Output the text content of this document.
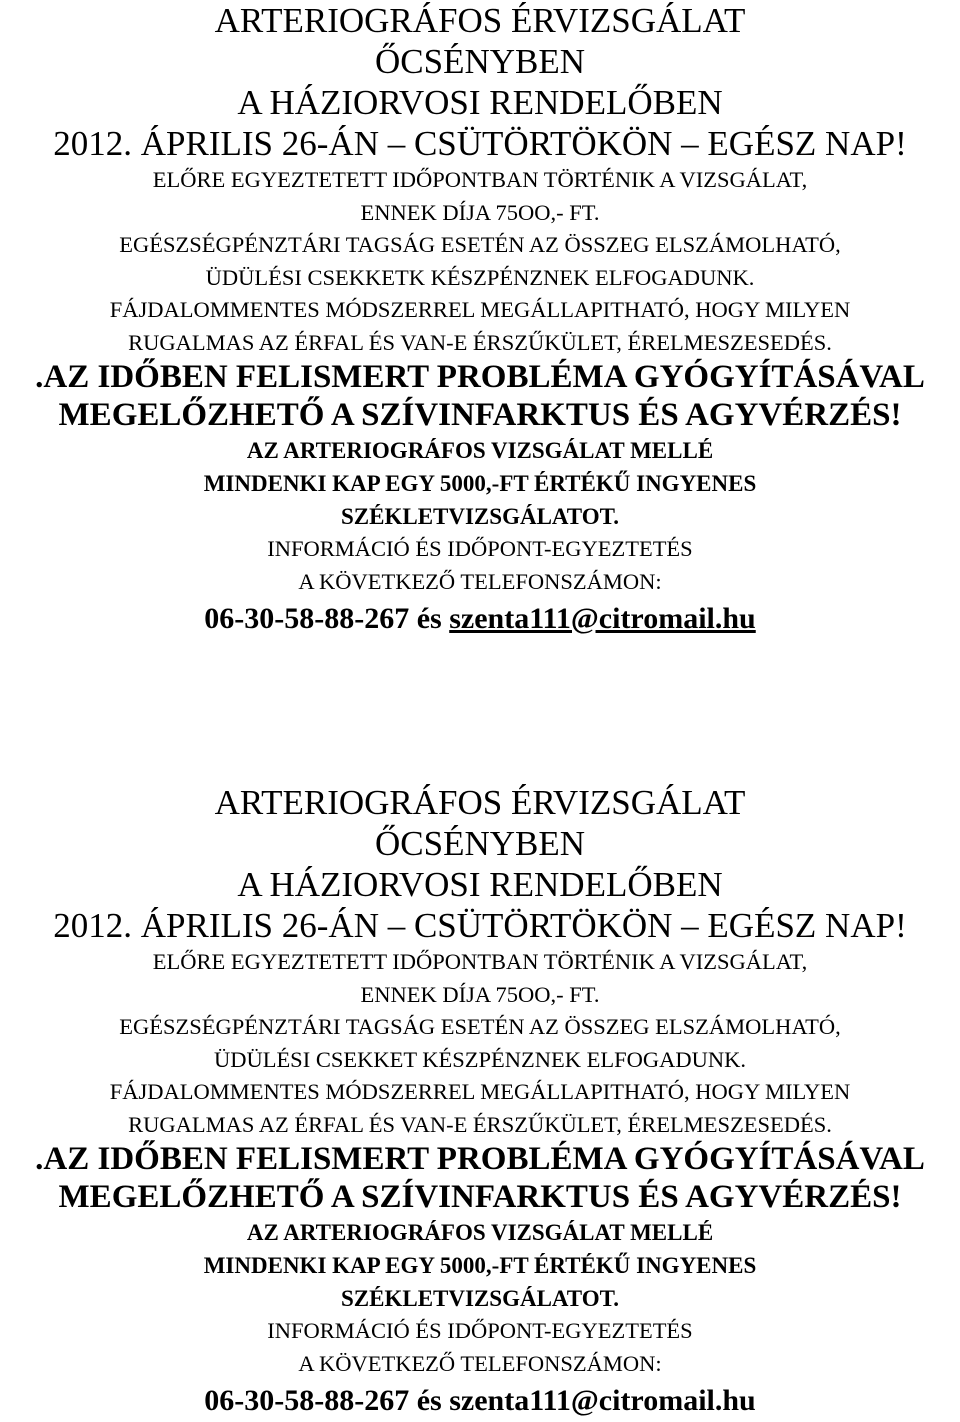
ARTERIOGRÁFOS ÉRVIZSGÁLAT
ŐCSÉNYBEN
A HÁZIORVOSI RENDELŐBEN
2012. ÁPRILIS 26-ÁN – CSÜTÖRTÖKÖN – EGÉSZ NAP!
ELŐRE EGYEZTETETT IDŐPONTBAN TÖRTÉNIK A VIZSGÁLAT,
ENNEK DÍJA 75OO,- FT.
EGÉSZSÉGPÉNZTÁRI TAGSÁG ESETÉN AZ ÖSSZEG ELSZÁMOLHATÓ,
ÜDÜLÉSI CSEKKETK KÉSZPÉNZNEK ELFOGADUNK.
FÁJDALOMMENTES MÓDSZERREL MEGÁLLAPITHATÓ, HOGY MILYEN
RUGALMAS AZ ÉRFAL ÉS VAN-E ÉRSZŰKÜLET, ÉRELMESZESEDÉS.
.AZ IDŐBEN FELISMERT PROBLÉMA GYÓGYÍTÁSÁVAL
MEGELŐZHETŐ A SZÍVINFARKTUS ÉS AGYVÉRZÉS!
AZ ARTERIOGRÁFOS VIZSGÁLAT MELLÉ
MINDENKI KAP EGY 5000,-FT ÉRTÉKŰ INGYENES
SZÉKLETVIZSGÁLATOT.
INFORMÁCIÓ ÉS IDŐPONT-EGYEZTETÉS
A KÖVETKEZŐ TELEFONSZÁMON:
06-30-58-88-267 és szenta111@citromail.hu
ARTERIOGRÁFOS ÉRVIZSGÁLAT
ŐCSÉNYBEN
A HÁZIORVOSI RENDELŐBEN
2012. ÁPRILIS 26-ÁN – CSÜTÖRTÖKÖN – EGÉSZ NAP!
ELŐRE EGYEZTETETT IDŐPONTBAN TÖRTÉNIK A VIZSGÁLAT,
ENNEK DÍJA 75OO,- FT.
EGÉSZSÉGPÉNZTÁRI TAGSÁG ESETÉN AZ ÖSSZEG ELSZÁMOLHATÓ,
ÜDÜLÉSI CSEKKET KÉSZPÉNZNEK ELFOGADUNK.
FÁJDALOMMENTES MÓDSZERREL MEGÁLLAPITHATÓ, HOGY MILYEN
RUGALMAS AZ ÉRFAL ÉS VAN-E ÉRSZŰKÜLET, ÉRELMESZESEDÉS.
.AZ IDŐBEN FELISMERT PROBLÉMA GYÓGYÍTÁSÁVAL
MEGELŐZHETŐ A SZÍVINFARKTUS ÉS AGYVÉRZÉS!
AZ ARTERIOGRÁFOS VIZSGÁLAT MELLÉ
MINDENKI KAP EGY 5000,-FT ÉRTÉKŰ INGYENES
SZÉKLETVIZSGÁLATOT.
INFORMÁCIÓ ÉS IDŐPONT-EGYEZTETÉS
A KÖVETKEZŐ TELEFONSZÁMON:
06-30-58-88-267 és szenta111@citromail.hu
